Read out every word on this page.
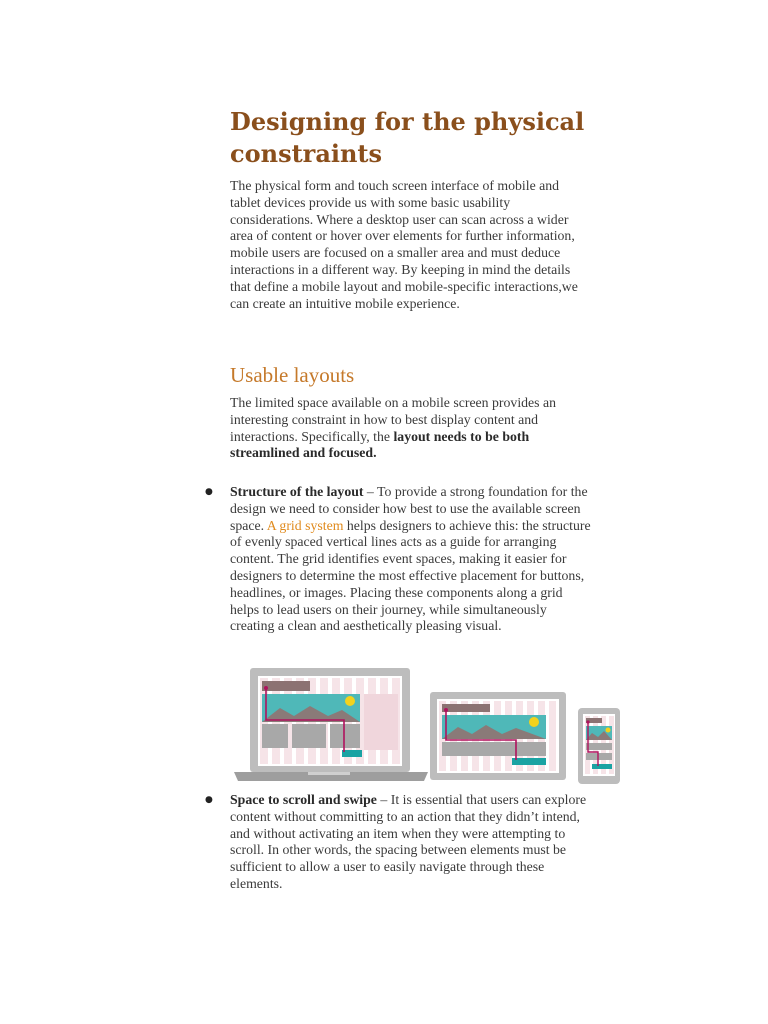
Designing for the physical constraints

The physical form and touch screen interface of mobile and tablet devices provide us with some basic usability considerations. Where a desktop user can scan across a wider area of content or hover over elements for further information, mobile users are focused on a smaller area and must deduce interactions in a different way. By keeping in mind the details that define a mobile layout and mobile-specific interactions,we can create an intuitive mobile experience.

Usable layouts

The limited space available on a mobile screen provides an interesting constraint in how to best display content and interactions. Specifically, the layout needs to be both streamlined and focused.

● Structure of the layout – To provide a strong foundation for the design we need to consider how best to use the available screen space. A grid system helps designers to achieve this: the structure of evenly spaced vertical lines acts as a guide for arranging content. The grid identifies event spaces, making it easier for designers to determine the most effective placement for buttons, headlines, or images. Placing these components along a grid helps to lead users on their journey, while simultaneously creating a clean and aesthetically pleasing visual.

● Space to scroll and swipe – It is essential that users can explore content without committing to an action that they didn’t intend, and without activating an item when they were attempting to scroll. In other words, the spacing between elements must be sufficient to allow a user to easily navigate through these elements.
